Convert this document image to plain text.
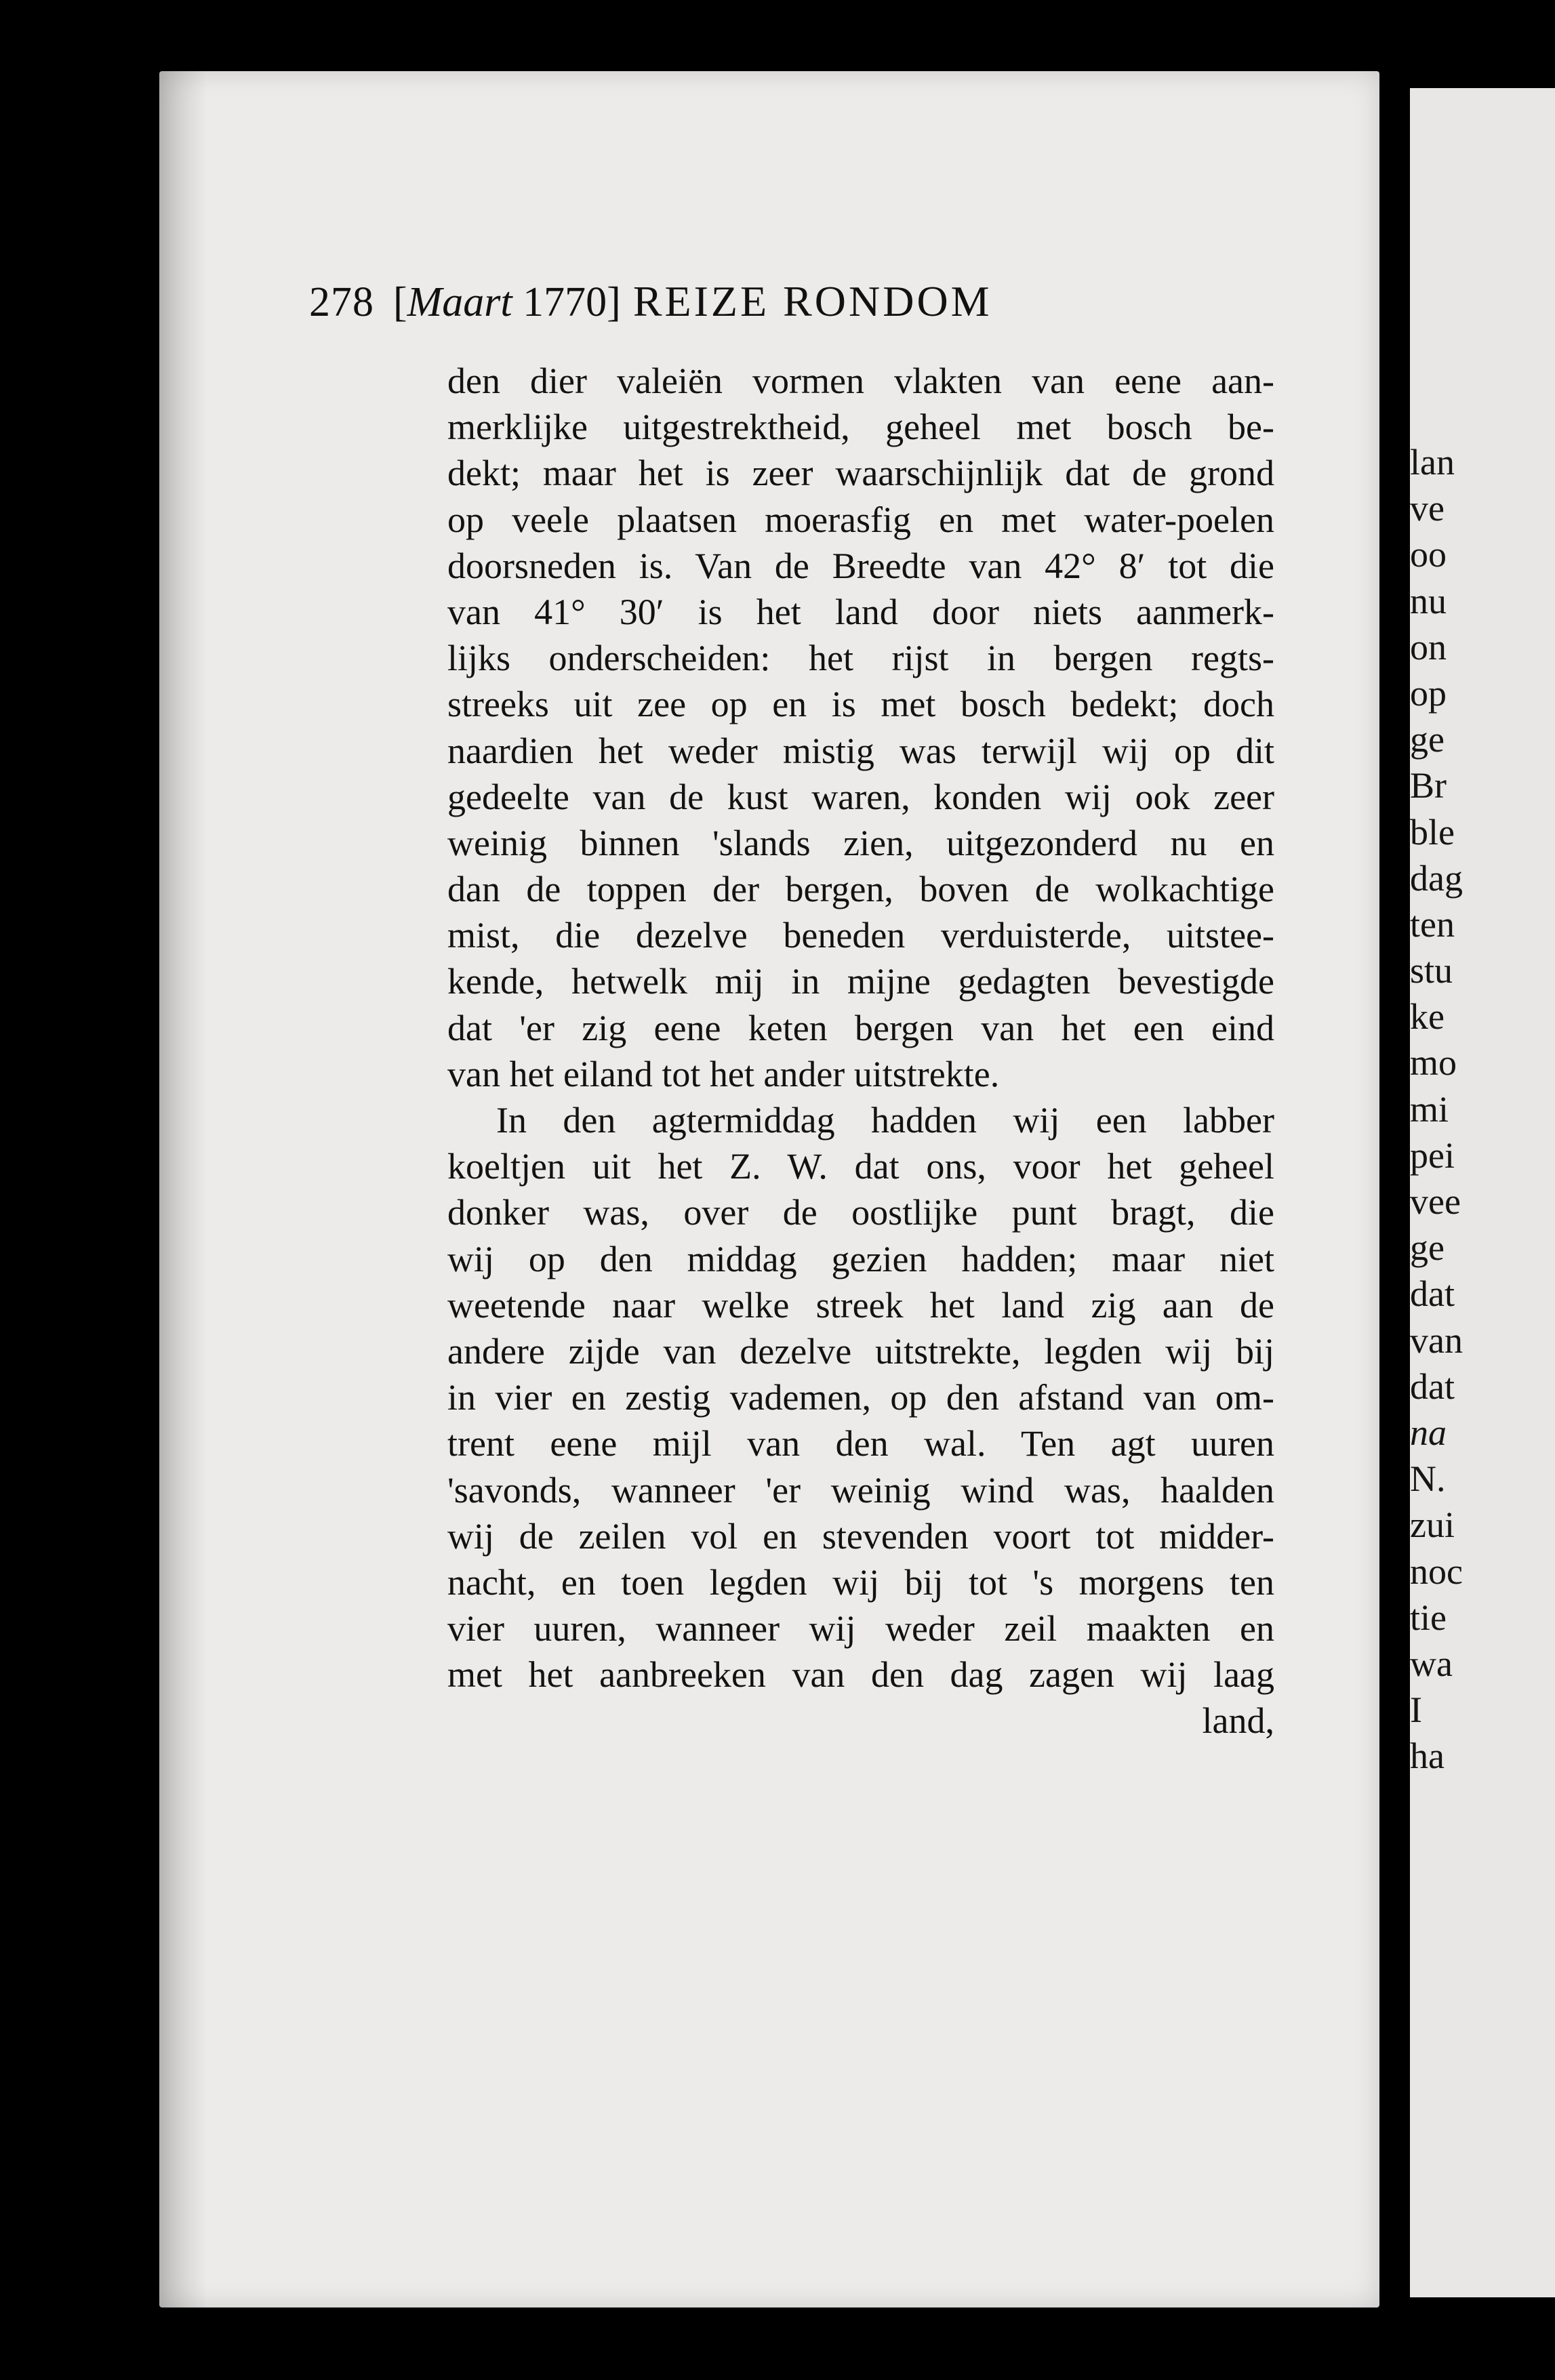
278 [Maart 1770] REIZE RONDOM
den dier valeiën vormen vlakten van eene aan-
merklijke uitgestrektheid, geheel met bosch be-
dekt; maar het is zeer waarschijnlijk dat de grond
op veele plaatsen moerasfig en met water-poelen
doorsneden is. Van de Breedte van 42° 8′ tot die
van 41° 30′ is het land door niets aanmerk-
lijks onderscheiden: het rijst in bergen regts-
streeks uit zee op en is met bosch bedekt; doch
naardien het weder mistig was terwijl wij op dit
gedeelte van de kust waren, konden wij ook zeer
weinig binnen 'slands zien, uitgezonderd nu en
dan de toppen der bergen, boven de wolkachtige
mist, die dezelve beneden verduisterde, uitstee-
kende, hetwelk mij in mijne gedagten bevestigde
dat 'er zig eene keten bergen van het een eind
van het eiland tot het ander uitstrekte.
In den agtermiddag hadden wij een labber
koeltjen uit het Z. W. dat ons, voor het geheel
donker was, over de oostlijke punt bragt, die
wij op den middag gezien hadden; maar niet
weetende naar welke streek het land zig aan de
andere zijde van dezelve uitstrekte, legden wij bij
in vier en zestig vademen, op den afstand van om-
trent eene mijl van den wal. Ten agt uuren
'savonds, wanneer 'er weinig wind was, haalden
wij de zeilen vol en stevenden voort tot midder-
nacht, en toen legden wij bij tot 's morgens ten
vier uuren, wanneer wij weder zeil maakten en
met het aanbreeken van den dag zagen wij laag
land,
lan
ve
oo
nu
on
op
ge
Br
ble
dag
ten
stu
ke
mo
mi
pei
vee
ge
dat
van
dat
na
N.
zui
noc
tie
wa
I
ha
